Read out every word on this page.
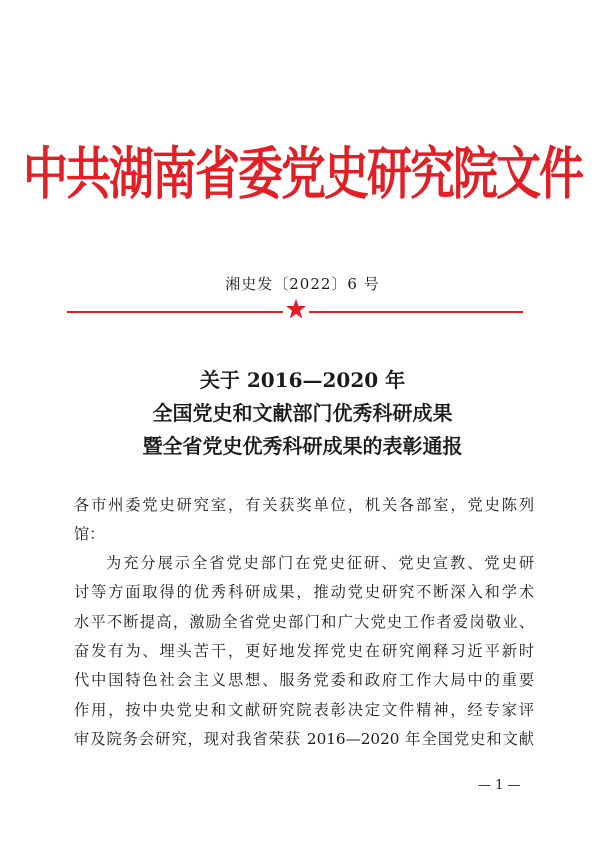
中共湖南省委党史研究院文件
湘史发〔2022〕6 号
关于 2016—2020 年
全国党史和文献部门优秀科研成果
暨全省党史优秀科研成果的表彰通报
各市州委党史研究室，有关获奖单位，机关各部室，党史陈列
馆：
为充分展示全省党史部门在党史征研、党史宣教、党史研
讨等方面取得的优秀科研成果，推动党史研究不断深入和学术
水平不断提高，激励全省党史部门和广大党史工作者爱岗敬业、
奋发有为、埋头苦干，更好地发挥党史在研究阐释习近平新时
代中国特色社会主义思想、服务党委和政府工作大局中的重要
作用，按中央党史和文献研究院表彰决定文件精神，经专家评
审及院务会研究，现对我省荣获 2016—2020 年全国党史和文献
— 1 —
